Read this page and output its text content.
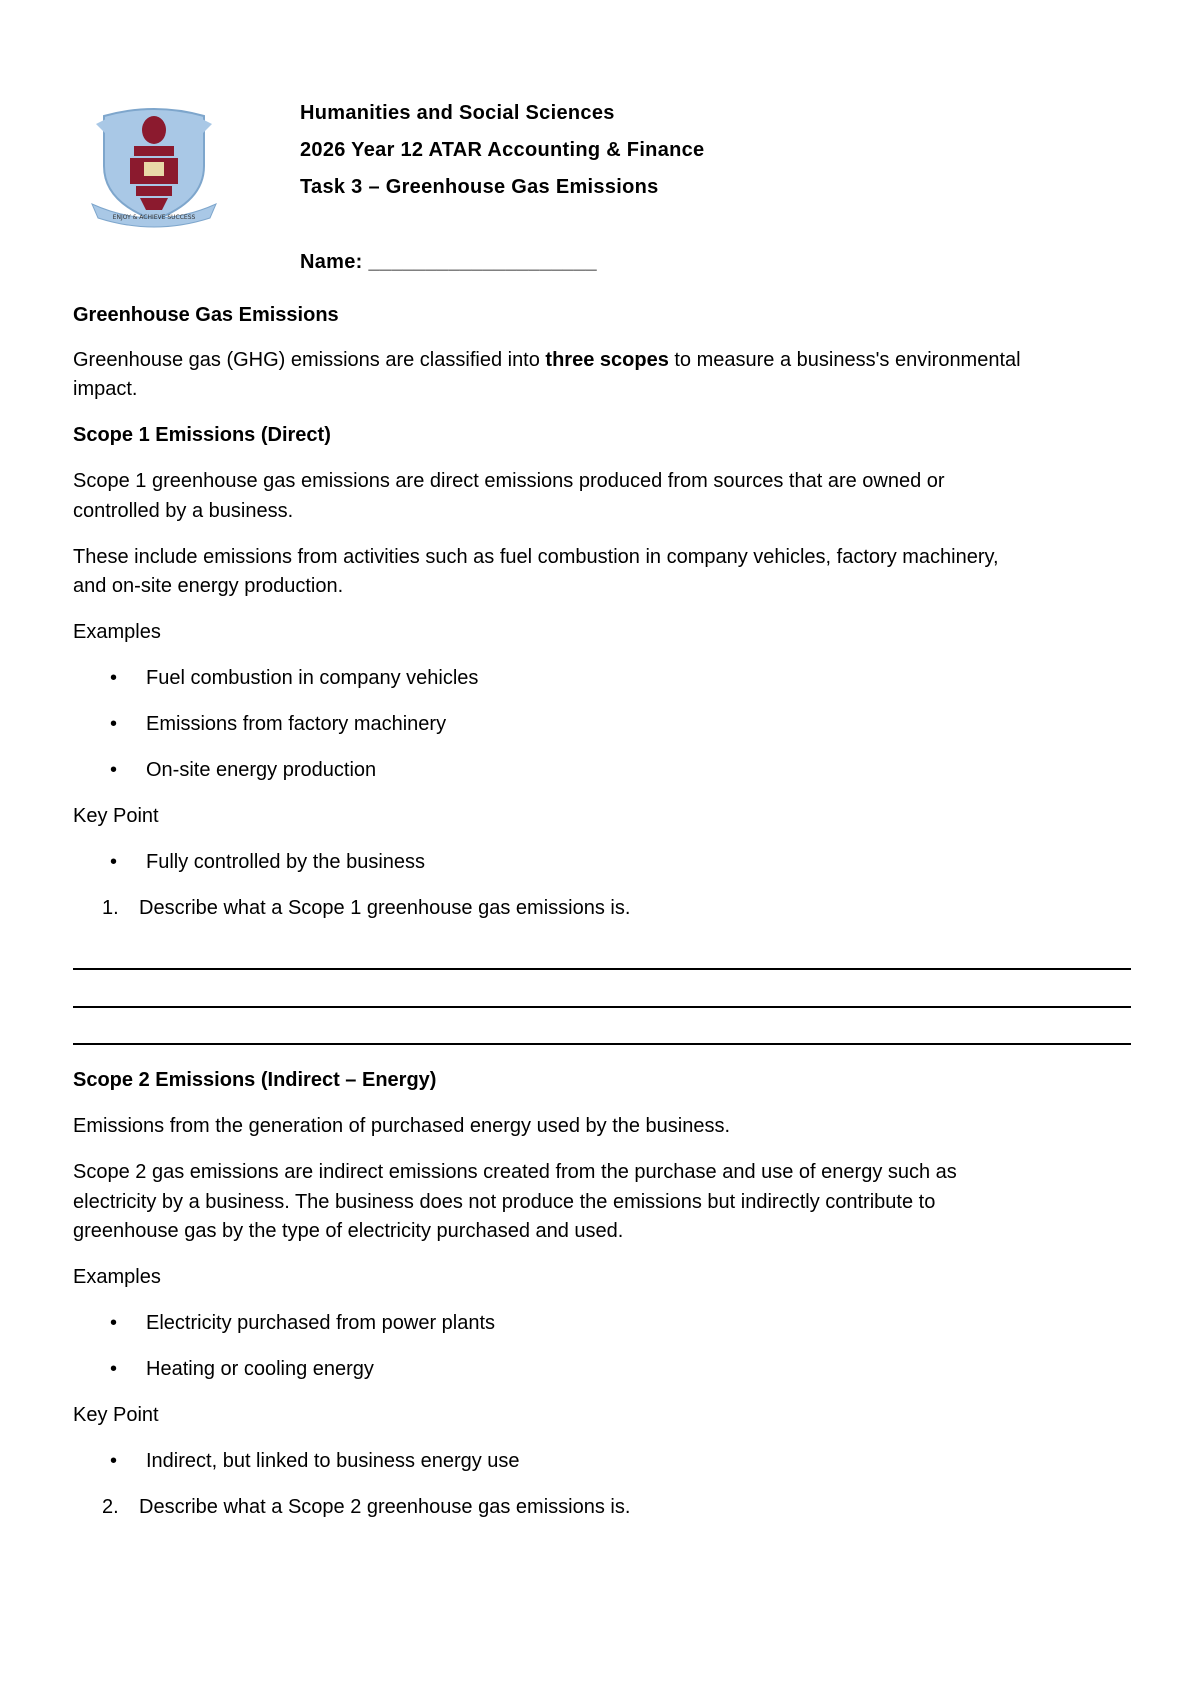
ENJOY & ACHIEVE SUCCESS
Humanities and Social Sciences
2026 Year 12 ATAR Accounting & Finance
Task 3 – Greenhouse Gas Emissions
Name: ____________________
Greenhouse Gas Emissions
Greenhouse gas (GHG) emissions are classified into three scopes to measure a business's environmental
impact.
Scope 1 Emissions (Direct)
Scope 1 greenhouse gas emissions are direct emissions produced from sources that are owned or
controlled by a business.
These include emissions from activities such as fuel combustion in company vehicles, factory machinery,
and on-site energy production.
Examples
• Fuel combustion in company vehicles
• Emissions from factory machinery
• On-site energy production
Key Point
• Fully controlled by the business
1. Describe what a Scope 1 greenhouse gas emissions is.
Scope 2 Emissions (Indirect – Energy)
Emissions from the generation of purchased energy used by the business.
Scope 2 gas emissions are indirect emissions created from the purchase and use of energy such as
electricity by a business. The business does not produce the emissions but indirectly contribute to
greenhouse gas by the type of electricity purchased and used.
Examples
• Electricity purchased from power plants
• Heating or cooling energy
Key Point
• Indirect, but linked to business energy use
2. Describe what a Scope 2 greenhouse gas emissions is.
